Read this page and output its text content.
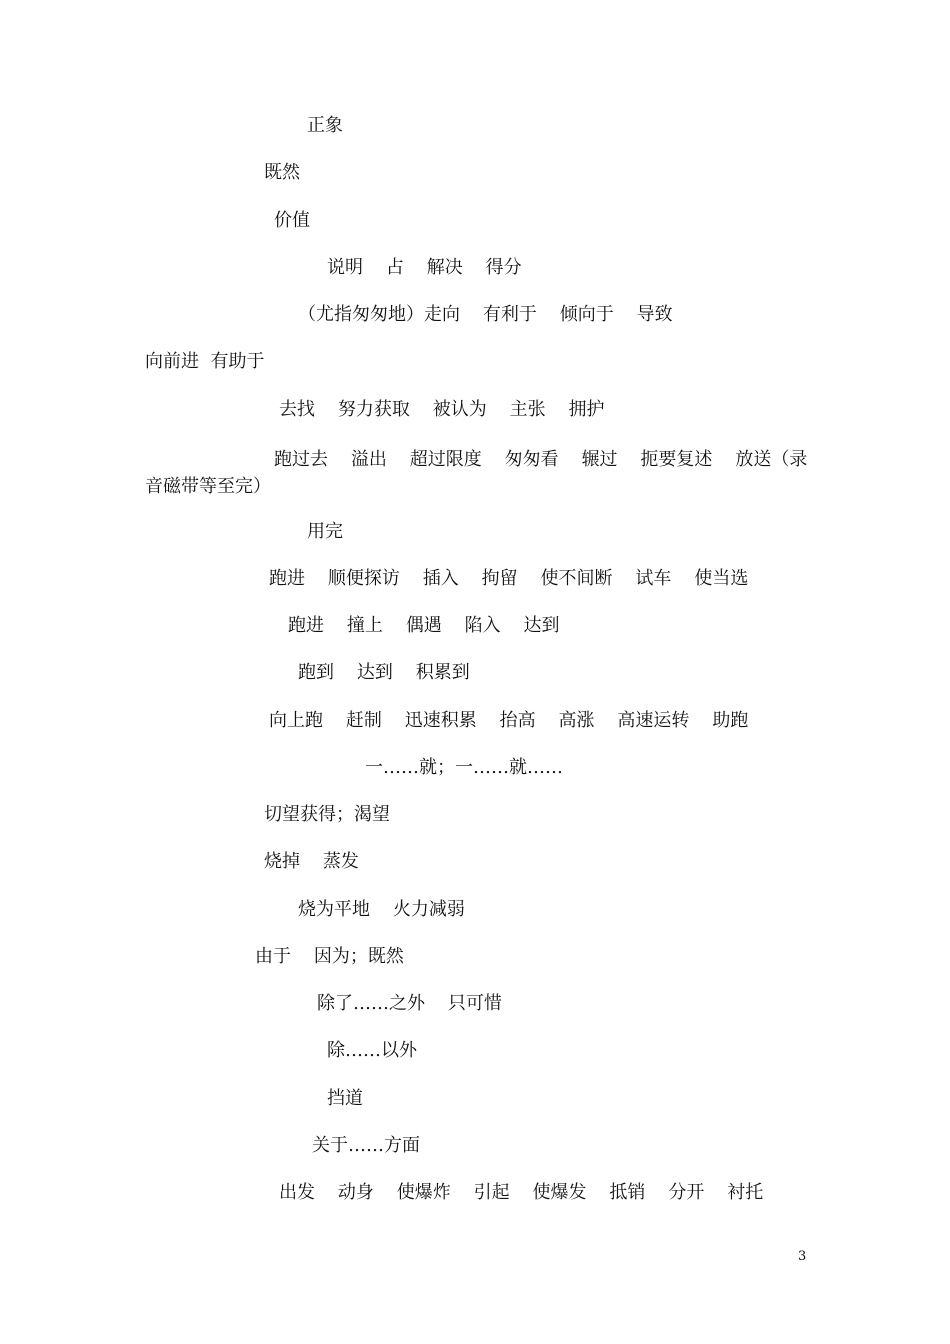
正象
既然
价值
说明    占    解决    得分
（尤指匆匆地）走向    有利于    倾向于    导致
向前进  有助于
去找    努力获取    被认为    主张    拥护
跑过去    溢出    超过限度    匆匆看    辗过    扼要复述    放送（录
音磁带等至完）
用完
跑进    顺便探访    插入    拘留    使不间断    试车    使当选
跑进    撞上    偶遇    陷入    达到
跑到    达到    积累到
向上跑    赶制    迅速积累    抬高    高涨    高速运转    助跑
一……就；一……就……
切望获得；渴望
烧掉    蒸发
烧为平地    火力减弱
由于    因为；既然
除了……之外    只可惜
除……以外
挡道
关于……方面
出发    动身    使爆炸    引起    使爆发    抵销    分开    衬托
3
